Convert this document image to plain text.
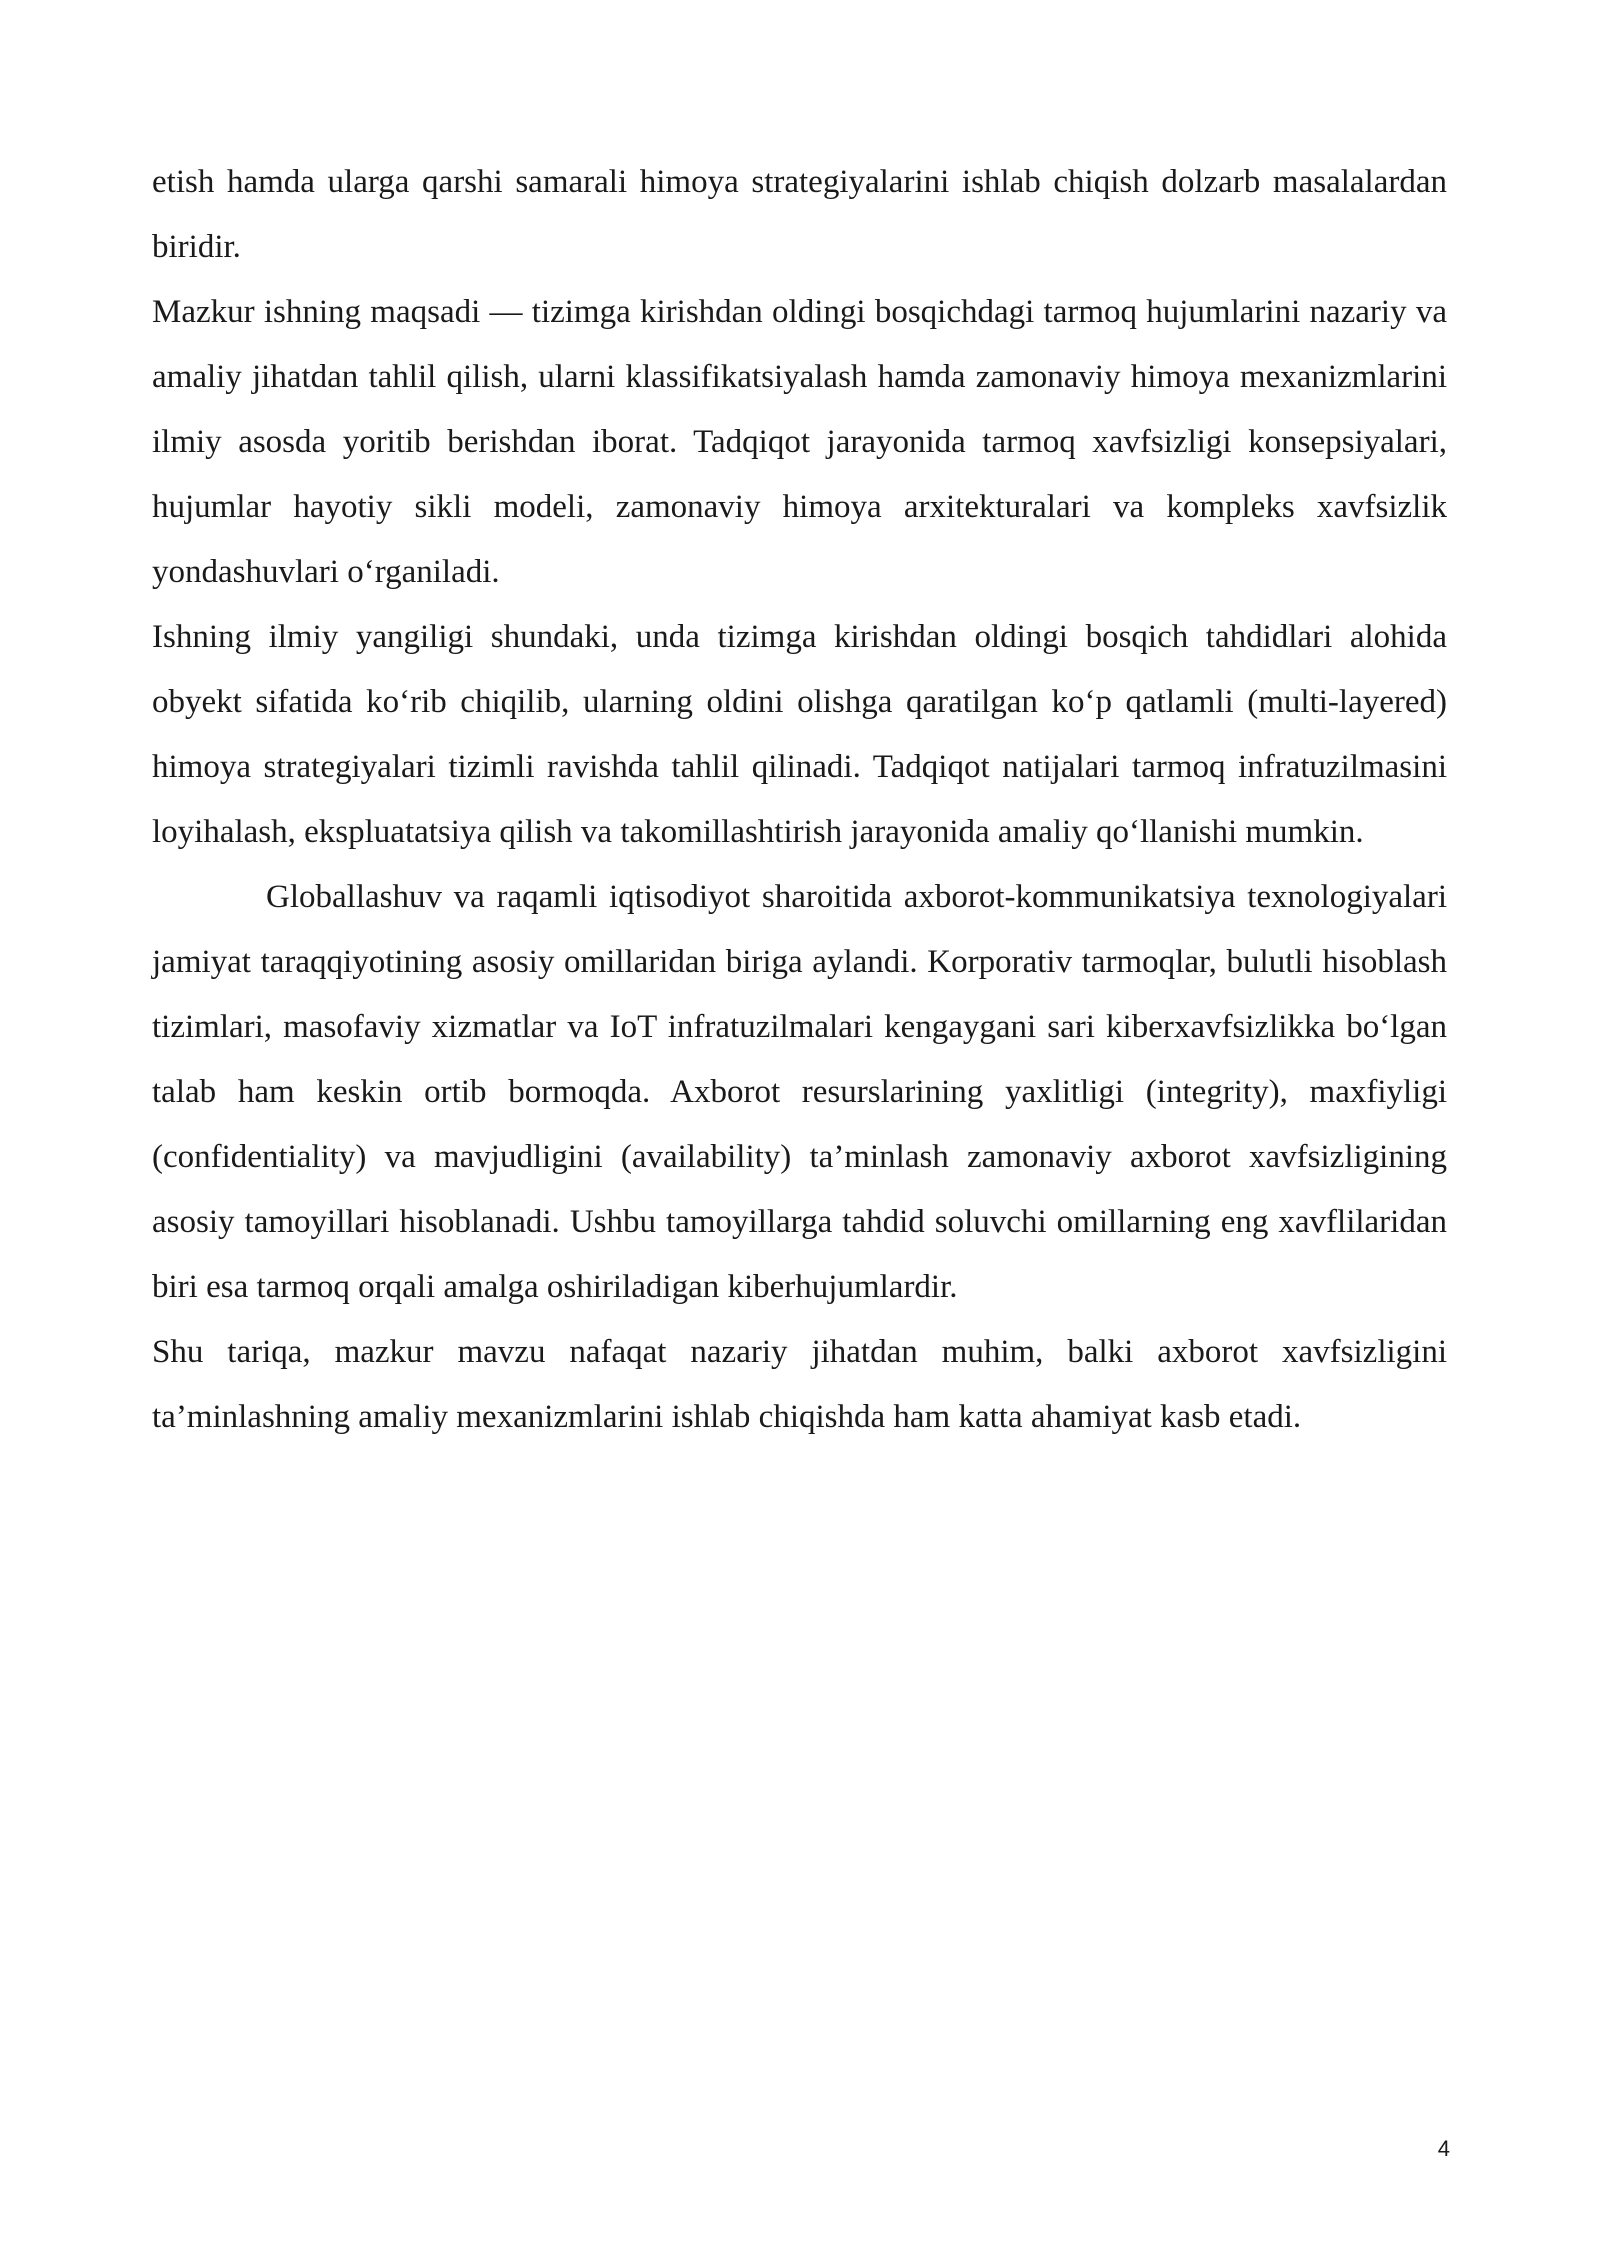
etish hamda ularga qarshi samarali himoya strategiyalarini ishlab chiqish dolzarb masalalardan biridir.

Mazkur ishning maqsadi — tizimga kirishdan oldingi bosqichdagi tarmoq hujumlarini nazariy va amaliy jihatdan tahlil qilish, ularni klassifikatsiyalash hamda zamonaviy himoya mexanizmlarini ilmiy asosda yoritib berishdan iborat. Tadqiqot jarayonida tarmoq xavfsizligi konsepsiyalari, hujumlar hayotiy sikli modeli, zamonaviy himoya arxitekturalari va kompleks xavfsizlik yondashuvlari o‘rganiladi.

Ishning ilmiy yangiligi shundaki, unda tizimga kirishdan oldingi bosqich tahdidlari alohida obyekt sifatida ko‘rib chiqilib, ularning oldini olishga qaratilgan ko‘p qatlamli (multi-layered) himoya strategiyalari tizimli ravishda tahlil qilinadi. Tadqiqot natijalari tarmoq infratuzilmasini loyihalash, ekspluatatsiya qilish va takomillashtirish jarayonida amaliy qo‘llanishi mumkin.

Globallashuv va raqamli iqtisodiyot sharoitida axborot-kommunikatsiya texnologiyalari jamiyat taraqqiyotining asosiy omillaridan biriga aylandi. Korporativ tarmoqlar, bulutli hisoblash tizimlari, masofaviy xizmatlar va IoT infratuzilmalari kengaygani sari kiberxavfsizlikka bo‘lgan talab ham keskin ortib bormoqda. Axborot resurslarining yaxlitligi (integrity), maxfiyligi (confidentiality) va mavjudligini (availability) ta’minlash zamonaviy axborot xavfsizligining asosiy tamoyillari hisoblanadi. Ushbu tamoyillarga tahdid soluvchi omillarning eng xavflilaridan biri esa tarmoq orqali amalga oshiriladigan kiberhujumlardir.

Shu tariqa, mazkur mavzu nafaqat nazariy jihatdan muhim, balki axborot xavfsizligini ta’minlashning amaliy mexanizmlarini ishlab chiqishda ham katta ahamiyat kasb etadi.

4
